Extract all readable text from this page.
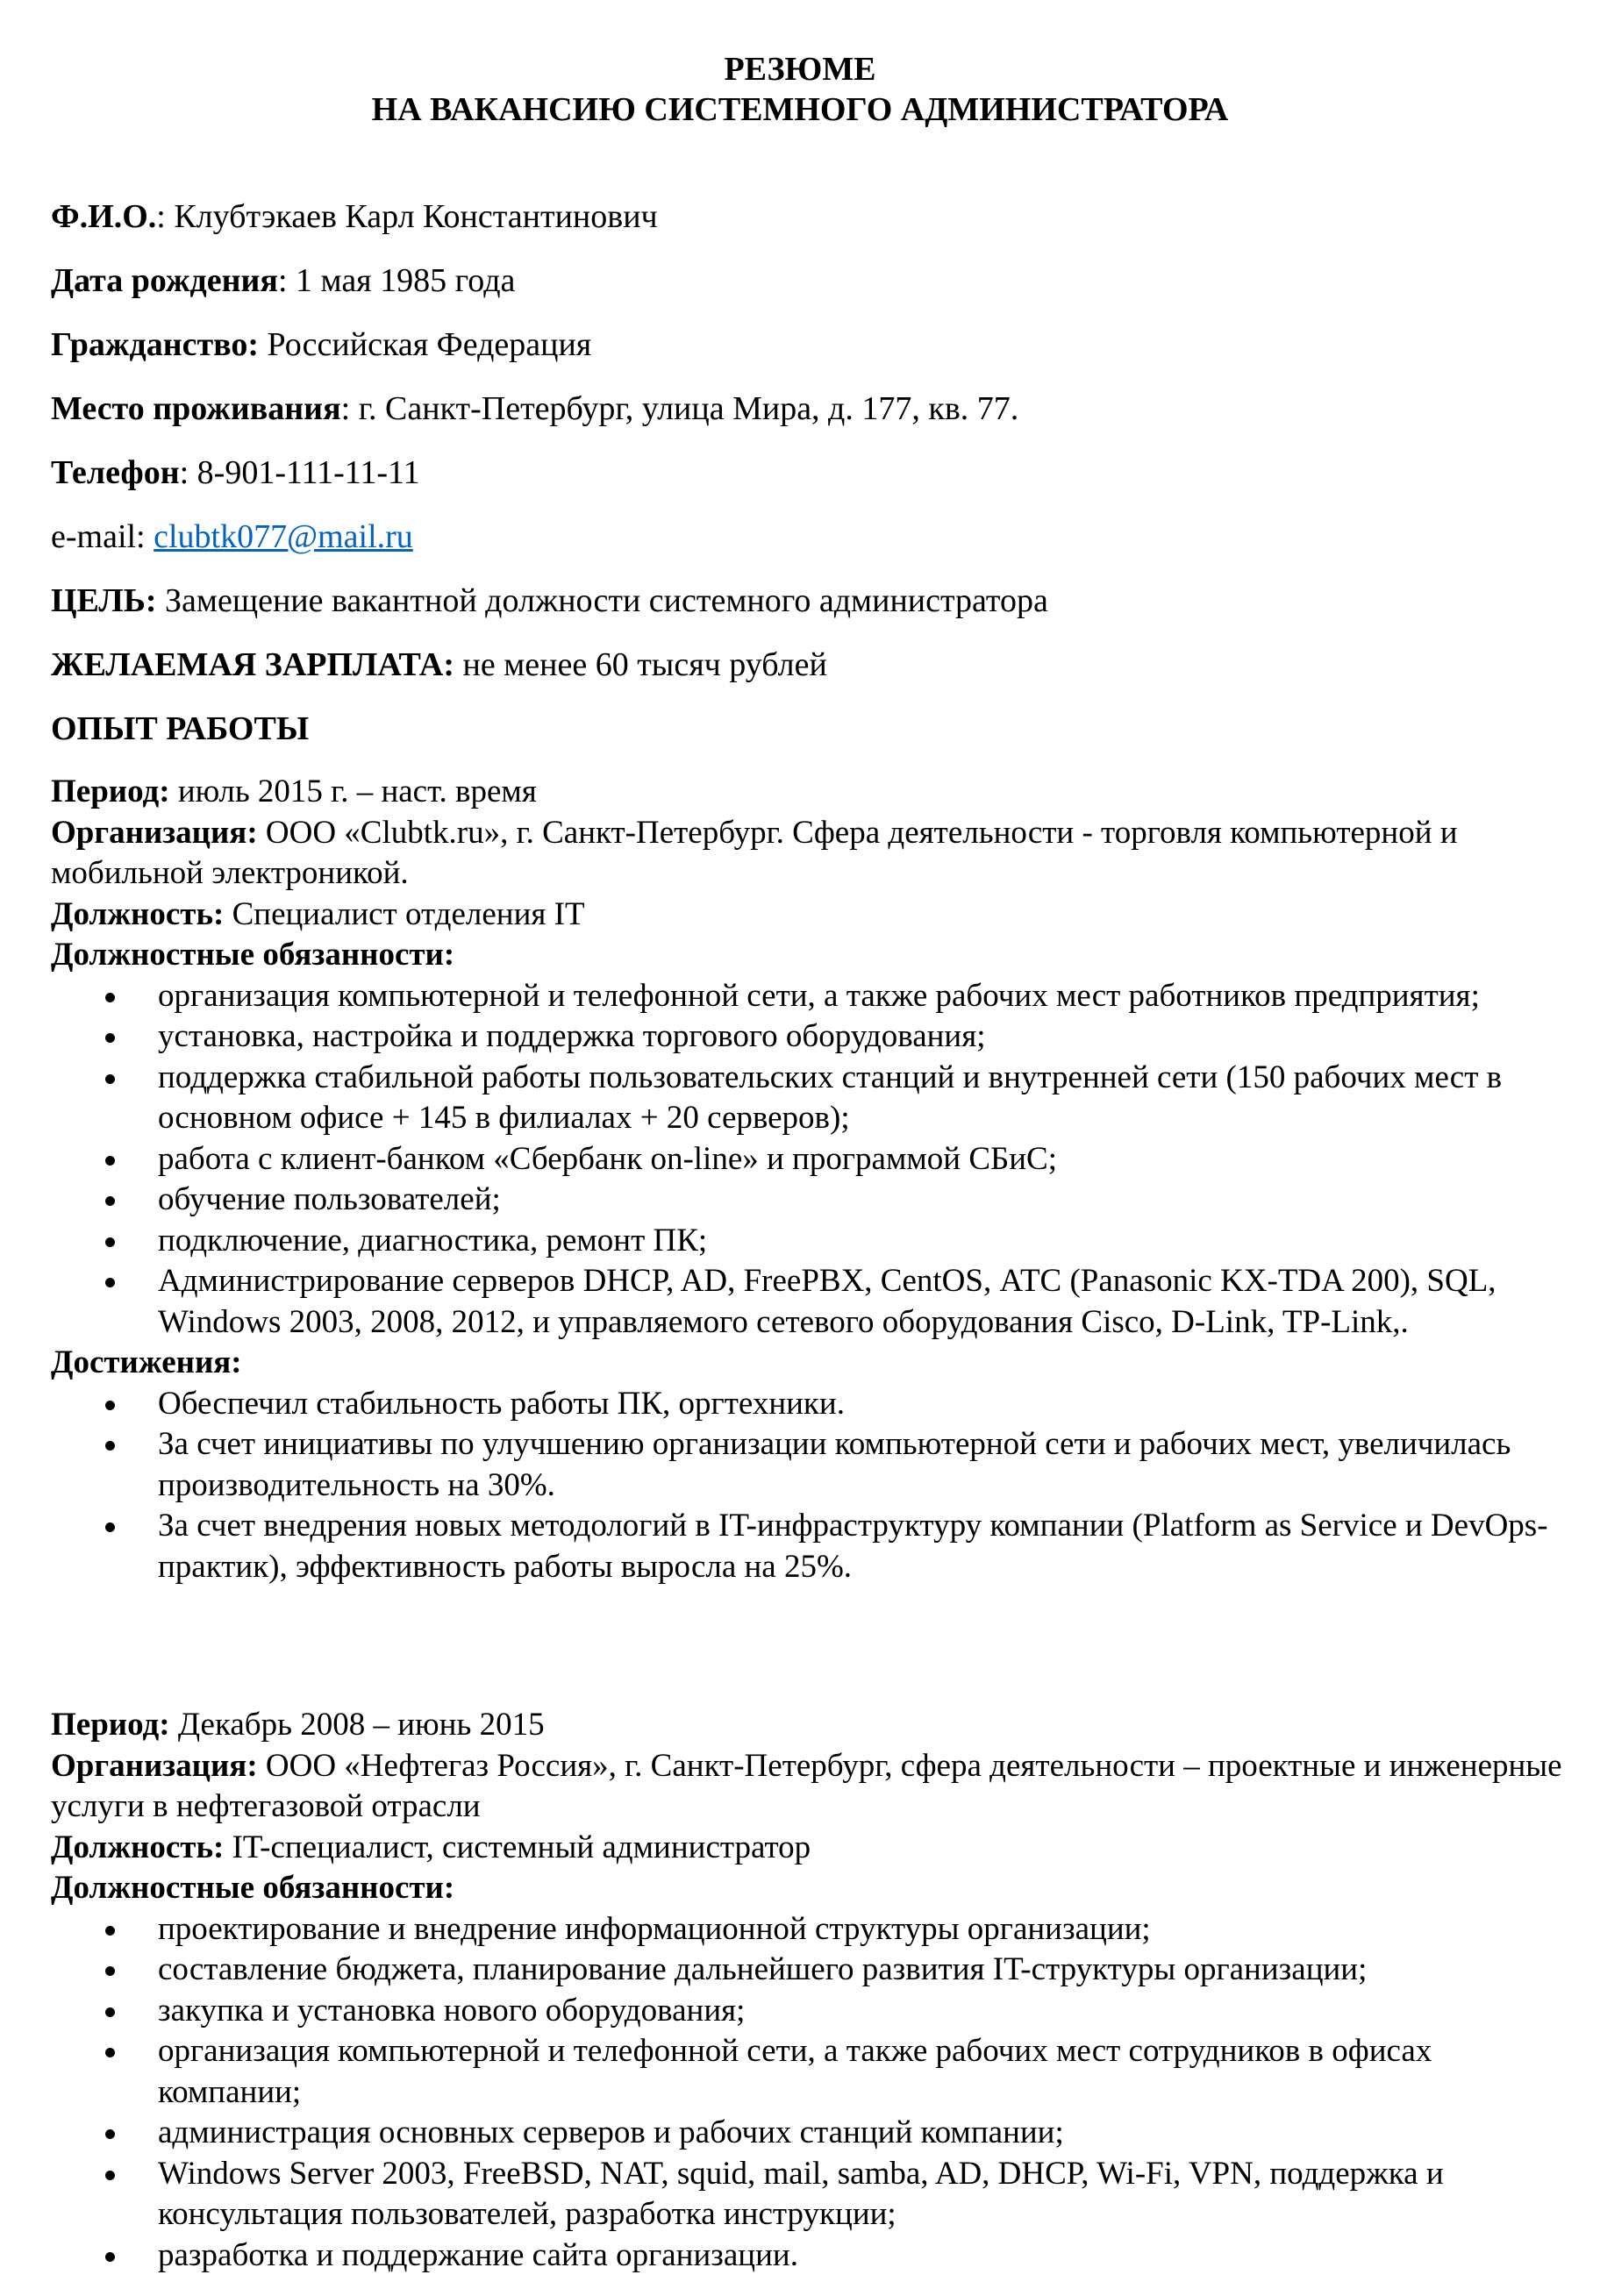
РЕЗЮМЕ
НА ВАКАНСИЮ СИСТЕМНОГО АДМИНИСТРАТОРА
Ф.И.О.: Клубтэкаев Карл Константинович
Дата рождения: 1 мая 1985 года
Гражданство: Российская Федерация
Место проживания: г. Санкт-Петербург, улица Мира, д. 177, кв. 77.
Телефон: 8-901-111-11-11
e-mail: clubtk077@mail.ru
ЦЕЛЬ: Замещение вакантной должности системного администратора
ЖЕЛАЕМАЯ ЗАРПЛАТА: не менее 60 тысяч рублей
ОПЫТ РАБОТЫ
Период: июль 2015 г. – наст. время
Организация: ООО «Clubtk.ru», г. Санкт-Петербург. Сфера деятельности - торговля компьютерной и мобильной электроникой.
Должность: Специалист отделения IT
Должностные обязанности:
организация компьютерной и телефонной сети, а также рабочих мест работников предприятия;
установка, настройка и поддержка торгового оборудования;
поддержка стабильной работы пользовательских станций и внутренней сети (150 рабочих мест в основном офисе + 145 в филиалах + 20 серверов);
работа с клиент-банком «Сбербанк on-line» и программой СБиС;
обучение пользователей;
подключение, диагностика, ремонт ПК;
Администрирование серверов DHCP, AD, FreePBX, CentOS, АТС (Panasonic KX-TDA 200), SQL, Windows 2003, 2008, 2012, и управляемого сетевого оборудования Cisco, D-Link, TP-Link,.
Достижения:
Обеспечил стабильность работы ПК, оргтехники.
За счет инициативы по улучшению организации компьютерной сети и рабочих мест, увеличилась производительность на 30%.
За счет внедрения новых методологий в IT-инфраструктуру компании (Platform as Service и DevOps-практик), эффективность работы выросла на 25%.
Период: Декабрь 2008 – июнь 2015
Организация: ООО «Нефтегаз Россия», г. Санкт-Петербург, сфера деятельности – проектные и инженерные услуги в нефтегазовой отрасли
Должность: IT-специалист, системный администратор
Должностные обязанности:
проектирование и внедрение информационной структуры организации;
составление бюджета, планирование дальнейшего развития IT-структуры организации;
закупка и установка нового оборудования;
организация компьютерной и телефонной сети, а также рабочих мест сотрудников в офисах компании;
администрация основных серверов и рабочих станций компании;
Windows Server 2003, FreeBSD, NAT, squid, mail, samba, AD, DHCP, Wi-Fi, VPN, поддержка и консультация пользователей, разработка инструкции;
разработка и поддержание сайта организации.
